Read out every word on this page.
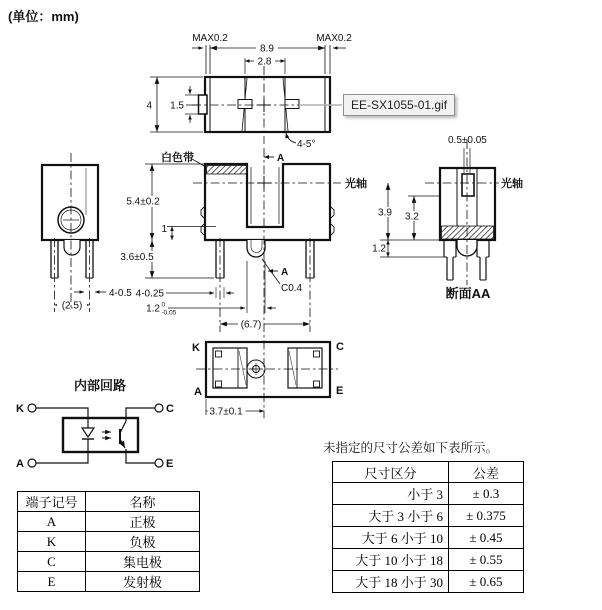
(单位：mm)
MAX0.2	MAX0.2
8.9
2.8
4 1.5
4-5°
A
白色带
光轴
A
C0.4
5.4±0.2
1
3.6±0.5
4-0.25
1.2 0
-0.05
(6.7)
4-0.5
(2.5)
0.5±0.05
光轴
3.9 3.2
1.2
断面AA
K	C
A	E
3.7±0.1
内部回路
K
A
C
E
EE-SX1055-01.gif
端子记号	名称
A	正极
K	负极
C	集电极
E	发射极
未指定的尺寸公差如下表所示。
尺寸区分	公差
小于 3	± 0.3
大于 3 小于 6	± 0.375
大于 6 小于 10	± 0.45
大于 10 小于 18	± 0.55
大于 18 小于 30	± 0.65
